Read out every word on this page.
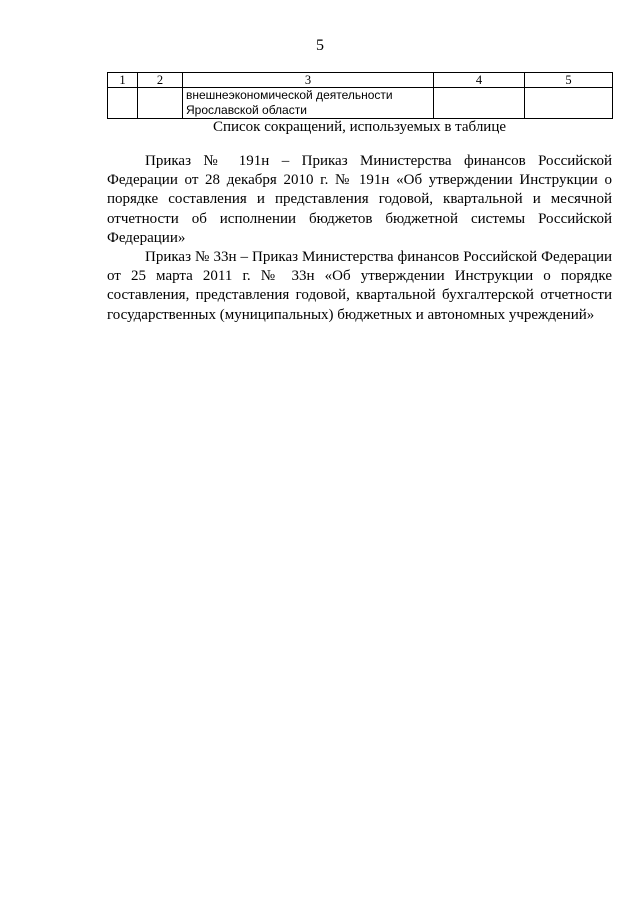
5
1	2	3	4	5

		внешнеэкономической деятельности
Ярославской области		

Список сокращений, используемых в таблице

Приказ № 191н – Приказ Министерства финансов Российской Федерации от 28 декабря 2010 г. № 191н «Об утверждении Инструкции о порядке составления и представления годовой, квартальной и месячной отчетности об исполнении бюджетов бюджетной системы Российской Федерации»

Приказ № 33н – Приказ Министерства финансов Российской Федерации от 25 марта 2011 г. № 33н «Об утверждении Инструкции о порядке составления, представления годовой, квартальной бухгалтерской отчетности государственных (муниципальных) бюджетных и автономных учреждений»
